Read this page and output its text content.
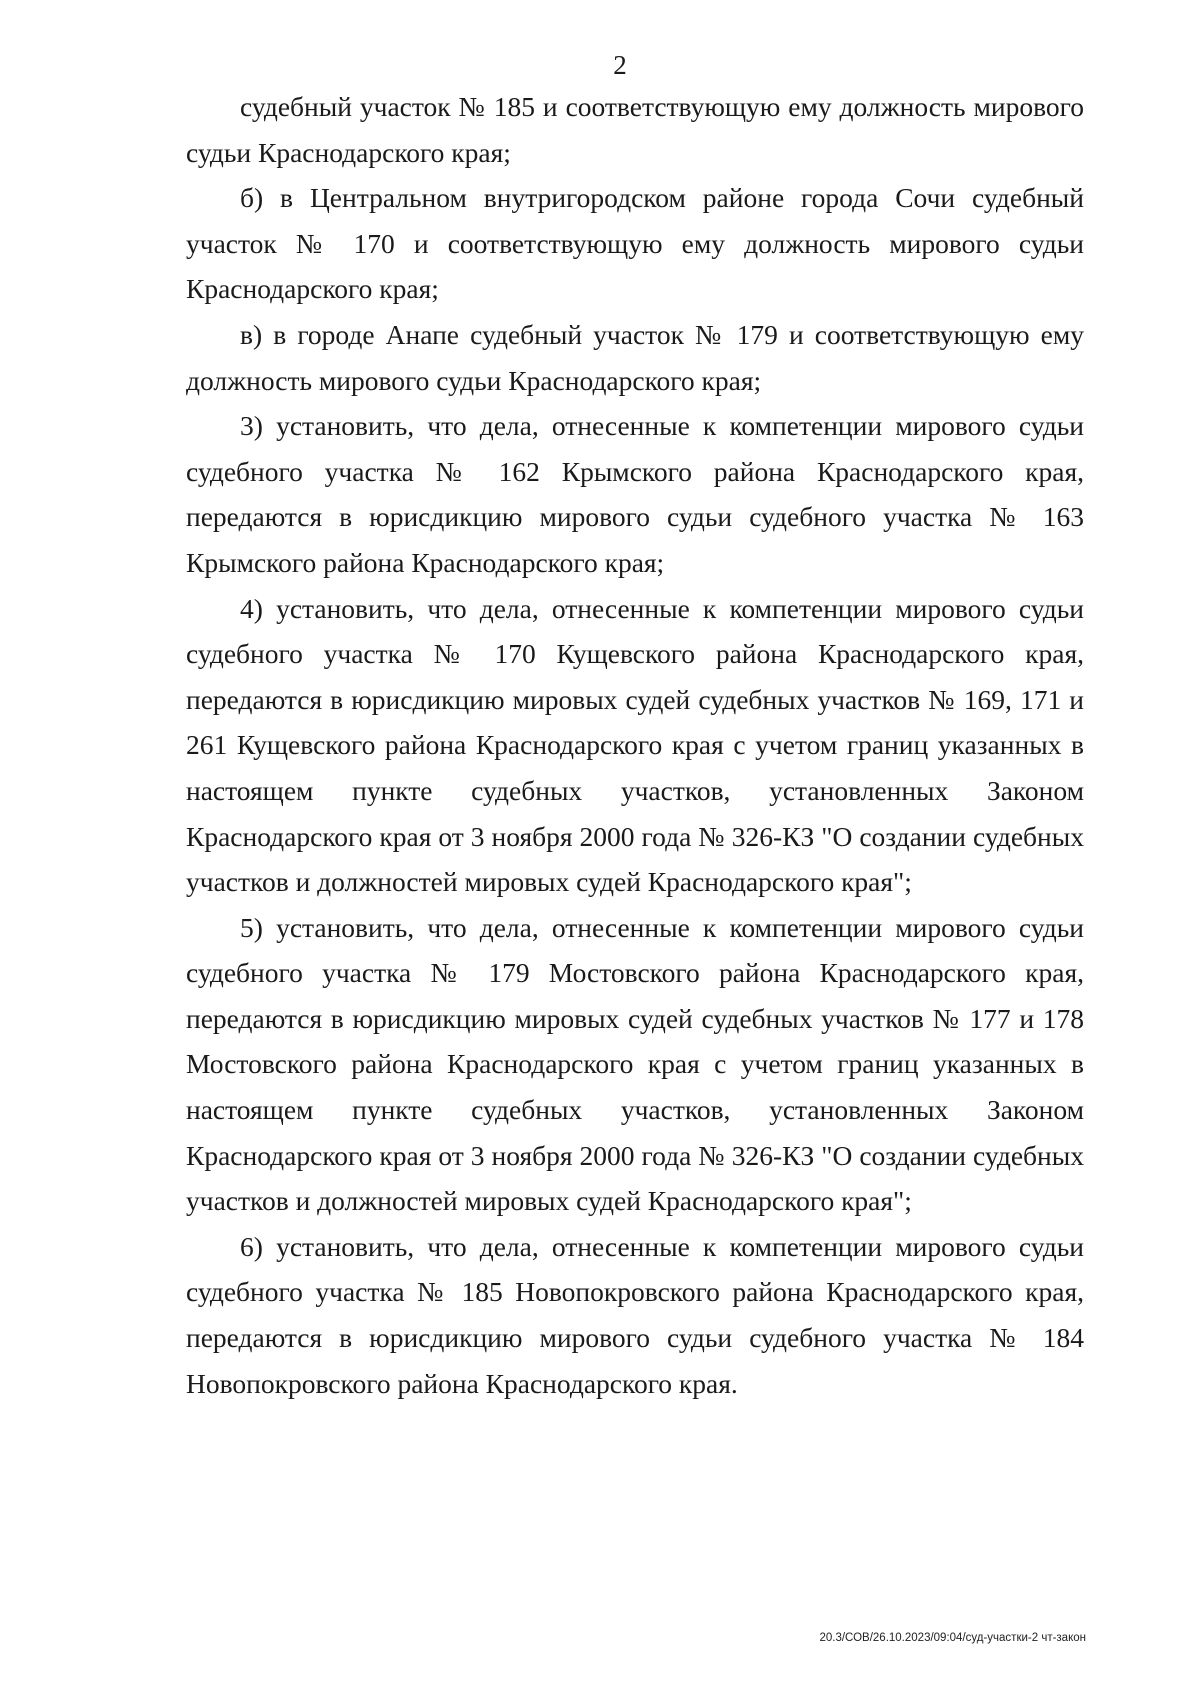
2

судебный участок № 185 и соответствующую ему должность мирового судьи Краснодарского края;

б) в Центральном внутригородском районе города Сочи судебный участок № 170 и соответствующую ему должность мирового судьи Краснодарского края;

в) в городе Анапе судебный участок № 179 и соответствующую ему должность мирового судьи Краснодарского края;

3) установить, что дела, отнесенные к компетенции мирового судьи судебного участка № 162 Крымского района Краснодарского края, передаются в юрисдикцию мирового судьи судебного участка № 163 Крымского района Краснодарского края;

4) установить, что дела, отнесенные к компетенции мирового судьи судебного участка № 170 Кущевского района Краснодарского края, передаются в юрисдикцию мировых судей судебных участков № 169, 171 и 261 Кущевского района Краснодарского края с учетом границ указанных в настоящем пункте судебных участков, установленных Законом Краснодарского края от 3 ноября 2000 года № 326-КЗ "О создании судебных участков и должностей мировых судей Краснодарского края";

5) установить, что дела, отнесенные к компетенции мирового судьи судебного участка № 179 Мостовского района Краснодарского края, передаются в юрисдикцию мировых судей судебных участков № 177 и 178 Мостовского района Краснодарского края с учетом границ указанных в настоящем пункте судебных участков, установленных Законом Краснодарского края от 3 ноября 2000 года № 326-КЗ "О создании судебных участков и должностей мировых судей Краснодарского края";

6) установить, что дела, отнесенные к компетенции мирового судьи судебного участка № 185 Новопокровского района Краснодарского края, передаются в юрисдикцию мирового судьи судебного участка № 184 Новопокровского района Краснодарского края.

20.3/СОВ/26.10.2023/09:04/суд-участки-2 чт-закон
